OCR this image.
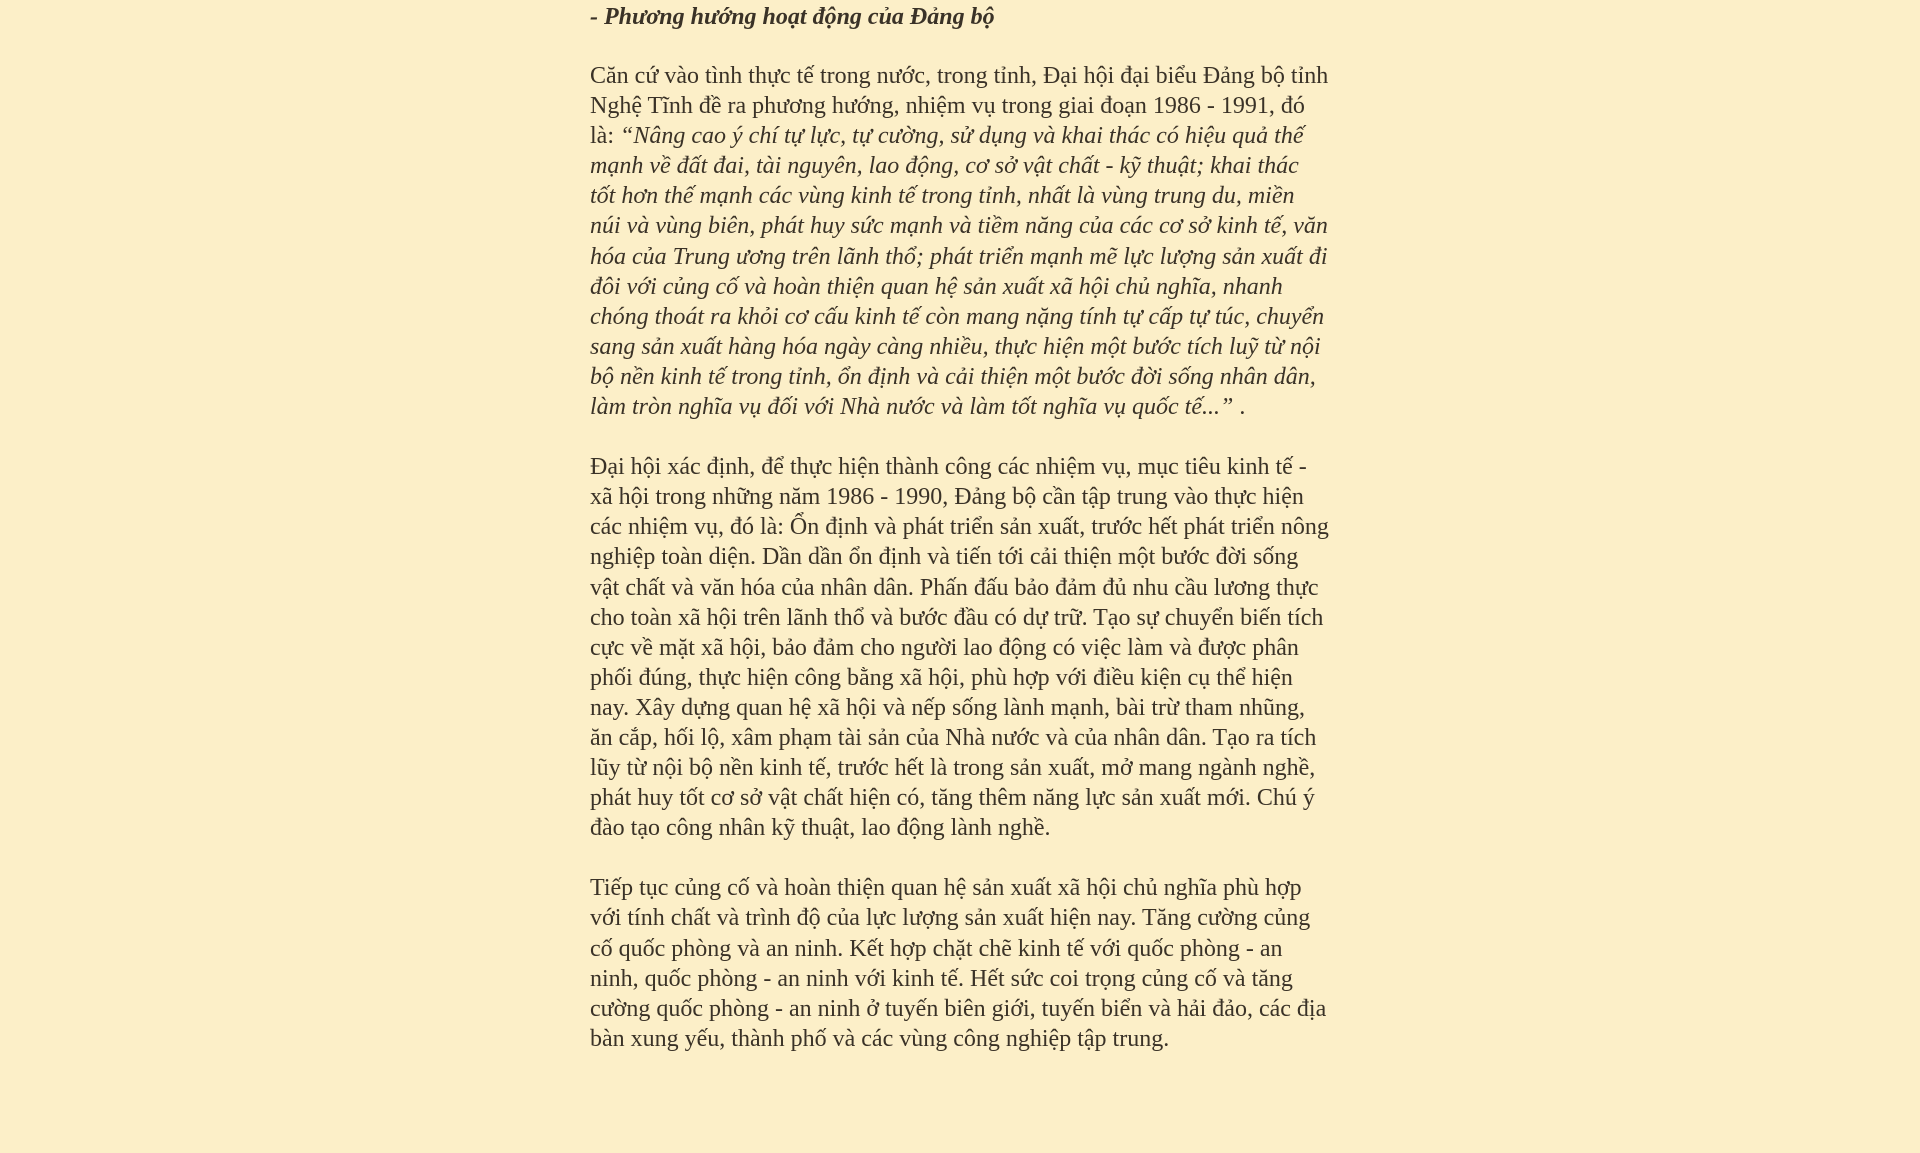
- Phương hướng hoạt động của Đảng bộ

Căn cứ vào tình thực tế trong nước, trong tỉnh, Đại hội đại biểu Đảng bộ tỉnh Nghệ Tĩnh đề ra phương hướng, nhiệm vụ trong giai đoạn 1986 - 1991, đó là: “Nâng cao ý chí tự lực, tự cường, sử dụng và khai thác có hiệu quả thế mạnh về đất đai, tài nguyên, lao động, cơ sở vật chất - kỹ thuật; khai thác tốt hơn thế mạnh các vùng kinh tế trong tỉnh, nhất là vùng trung du, miền núi và vùng biên, phát huy sức mạnh và tiềm năng của các cơ sở kinh tế, văn hóa của Trung ương trên lãnh thổ; phát triển mạnh mẽ lực lượng sản xuất đi đôi với củng cố và hoàn thiện quan hệ sản xuất xã hội chủ nghĩa, nhanh chóng thoát ra khỏi cơ cấu kinh tế còn mang nặng tính tự cấp tự túc, chuyển sang sản xuất hàng hóa ngày càng nhiều, thực hiện một bước tích luỹ từ nội bộ nền kinh tế trong tỉnh, ổn định và cải thiện một bước đời sống nhân dân, làm tròn nghĩa vụ đối với Nhà nước và làm tốt nghĩa vụ quốc tế...” .

Đại hội xác định, để thực hiện thành công các nhiệm vụ, mục tiêu kinh tế - xã hội trong những năm 1986 - 1990, Đảng bộ cần tập trung vào thực hiện các nhiệm vụ, đó là: Ổn định và phát triển sản xuất, trước hết phát triển nông nghiệp toàn diện. Dần dần ổn định và tiến tới cải thiện một bước đời sống vật chất và văn hóa của nhân dân. Phấn đấu bảo đảm đủ nhu cầu lương thực cho toàn xã hội trên lãnh thổ và bước đầu có dự trữ. Tạo sự chuyển biến tích cực về mặt xã hội, bảo đảm cho người lao động có việc làm và được phân phối đúng, thực hiện công bằng xã hội, phù hợp với điều kiện cụ thể hiện nay. Xây dựng quan hệ xã hội và nếp sống lành mạnh, bài trừ tham nhũng, ăn cắp, hối lộ, xâm phạm tài sản của Nhà nước và của nhân dân. Tạo ra tích lũy từ nội bộ nền kinh tế, trước hết là trong sản xuất, mở mang ngành nghề, phát huy tốt cơ sở vật chất hiện có, tăng thêm năng lực sản xuất mới. Chú ý đào tạo công nhân kỹ thuật, lao động lành nghề.

Tiếp tục củng cố và hoàn thiện quan hệ sản xuất xã hội chủ nghĩa phù hợp với tính chất và trình độ của lực lượng sản xuất hiện nay. Tăng cường củng cố quốc phòng và an ninh. Kết hợp chặt chẽ kinh tế với quốc phòng - an ninh, quốc phòng - an ninh với kinh tế. Hết sức coi trọng củng cố và tăng cường quốc phòng - an ninh ở tuyến biên giới, tuyến biển và hải đảo, các địa bàn xung yếu, thành phố và các vùng công nghiệp tập trung.
